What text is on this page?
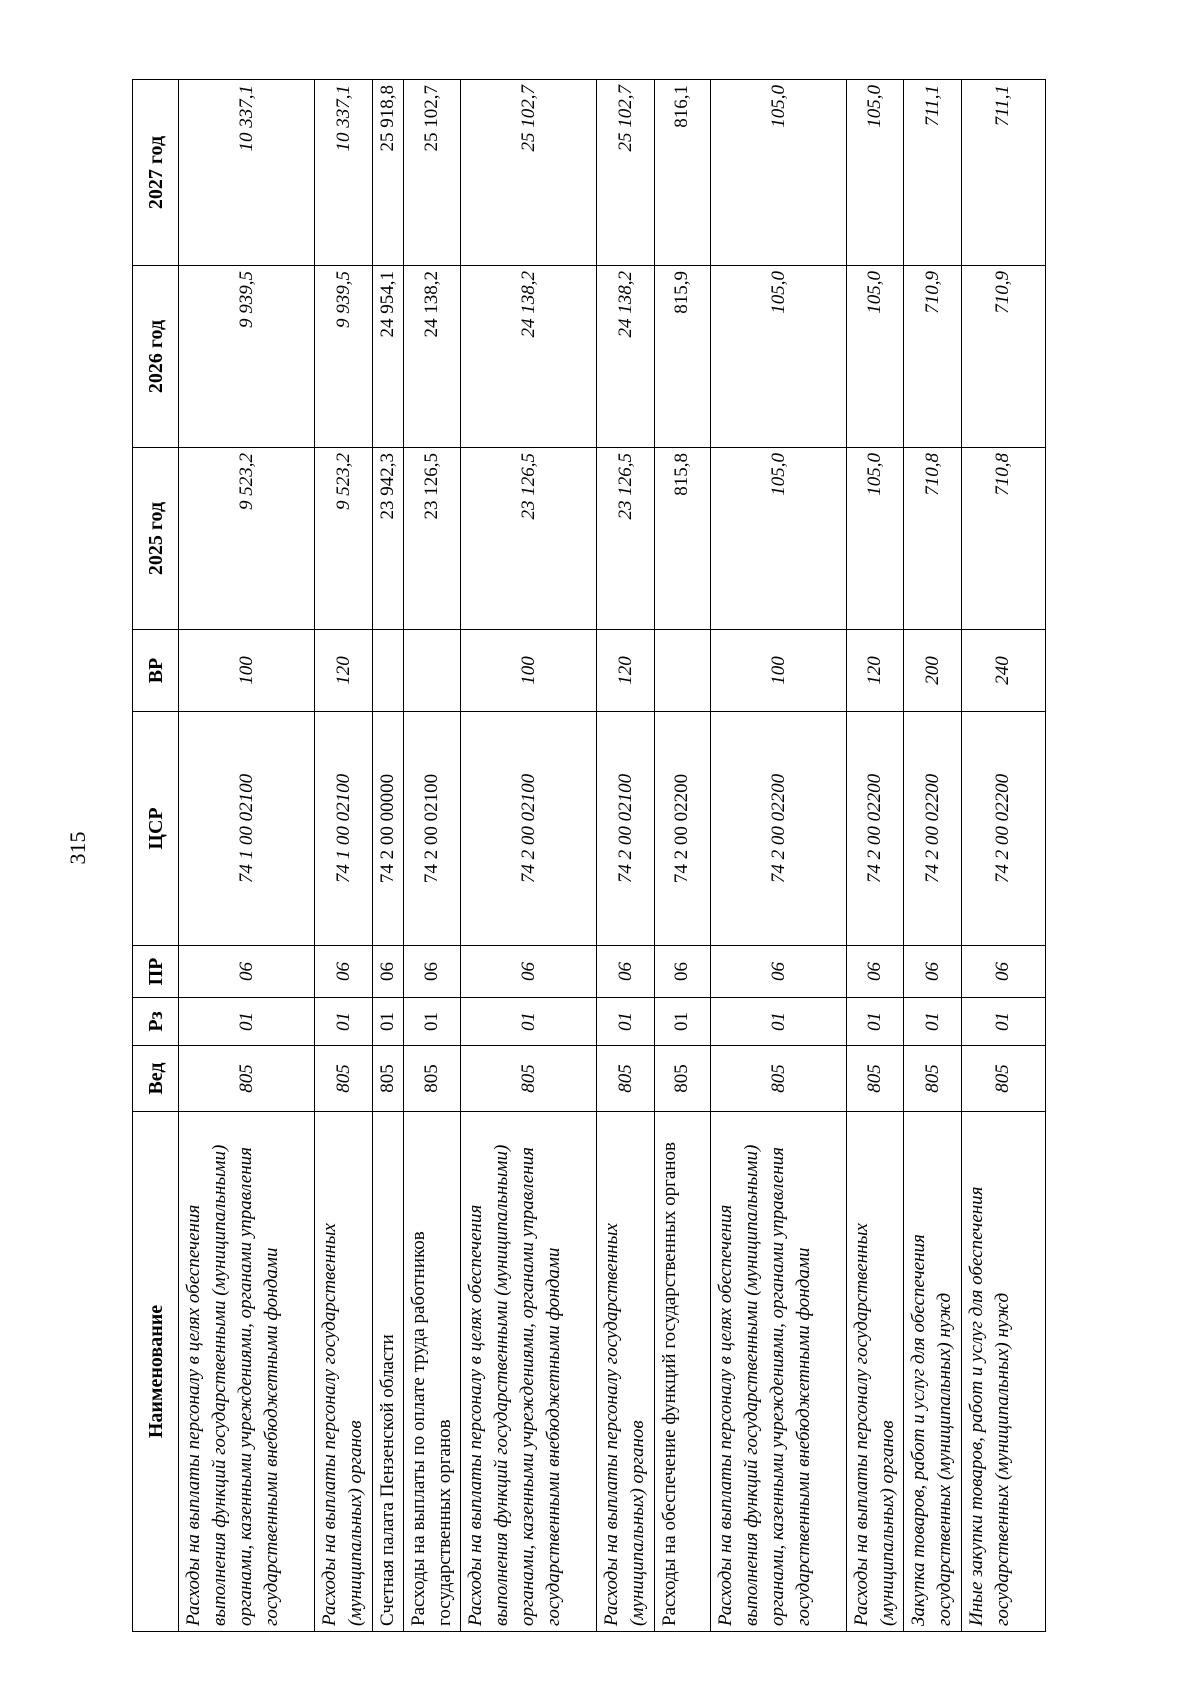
315
Наименование	Вед	Рз	ПР	ЦСР	ВР	2025 год	2026 год	2027 год
Расходы на выплаты персоналу в целях обеспечения выполнения функций государственными (муниципальными) органами, казенными учреждениями, органами управления государственными внебюджетными фондами	805	01	06	74 1 00 02100	100	9 523,2	9 939,5	10 337,1
Расходы на выплаты персоналу государственных (муниципальных) органов	805	01	06	74 1 00 02100	120	9 523,2	9 939,5	10 337,1
Счетная палата Пензенской области	805	01	06	74 2 00 00000		23 942,3	24 954,1	25 918,8
Расходы на выплаты по оплате труда работников государственных органов	805	01	06	74 2 00 02100		23 126,5	24 138,2	25 102,7
Расходы на выплаты персоналу в целях обеспечения выполнения функций государственными (муниципальными) органами, казенными учреждениями, органами управления государственными внебюджетными фондами	805	01	06	74 2 00 02100	100	23 126,5	24 138,2	25 102,7
Расходы на выплаты персоналу государственных (муниципальных) органов	805	01	06	74 2 00 02100	120	23 126,5	24 138,2	25 102,7
Расходы на обеспечение функций государственных органов	805	01	06	74 2 00 02200		815,8	815,9	816,1
Расходы на выплаты персоналу в целях обеспечения выполнения функций государственными (муниципальными) органами, казенными учреждениями, органами управления государственными внебюджетными фондами	805	01	06	74 2 00 02200	100	105,0	105,0	105,0
Расходы на выплаты персоналу государственных (муниципальных) органов	805	01	06	74 2 00 02200	120	105,0	105,0	105,0
Закупка товаров, работ и услуг для обеспечения государственных (муниципальных) нужд	805	01	06	74 2 00 02200	200	710,8	710,9	711,1
Иные закупки товаров, работ и услуг для обеспечения государственных (муниципальных) нужд	805	01	06	74 2 00 02200	240	710,8	710,9	711,1
